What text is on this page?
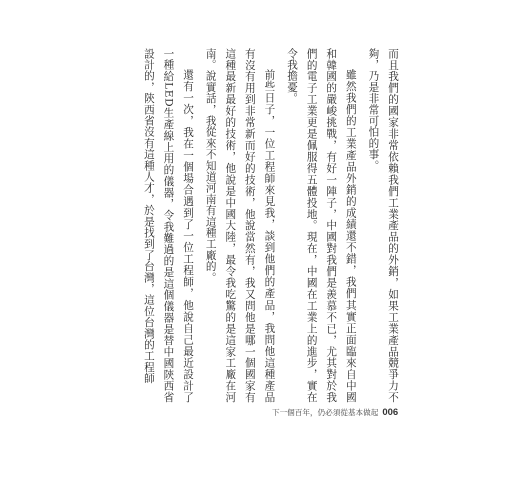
而且我們的國家非常依賴我們工業產品的外銷，如果工業產品競爭力不夠，乃是非常可怕的事。

雖然我們的工業產品外銷的成績還不錯，我們其實正面臨來自中國和韓國的嚴峻挑戰，有好一陣子，中國對我們是羨慕不已，尤其對於我們的電子工業更是佩服得五體投地。現在，中國在工業上的進步，實在令我擔憂。

前些日子，一位工程師來見我，談到他們的產品，我問他這種產品有沒有用到非常新而好的技術，他說當然有，我又問他是哪一個國家有這種最新最好的技術，他說是中國大陸，最令我吃驚的是這家工廠在河南。說實話，我從來不知道河南有這種工廠的。

還有一次，我在一個場合遇到了一位工程師，他說自己最近設計了一種給LED生產線上用的儀器，令我難過的是這個儀器是替中國陝西省設計的，陝西省沒有這種人才，於是找到了台灣，這位台灣的工程師

下一個百年，仍必須從基本做起 006
